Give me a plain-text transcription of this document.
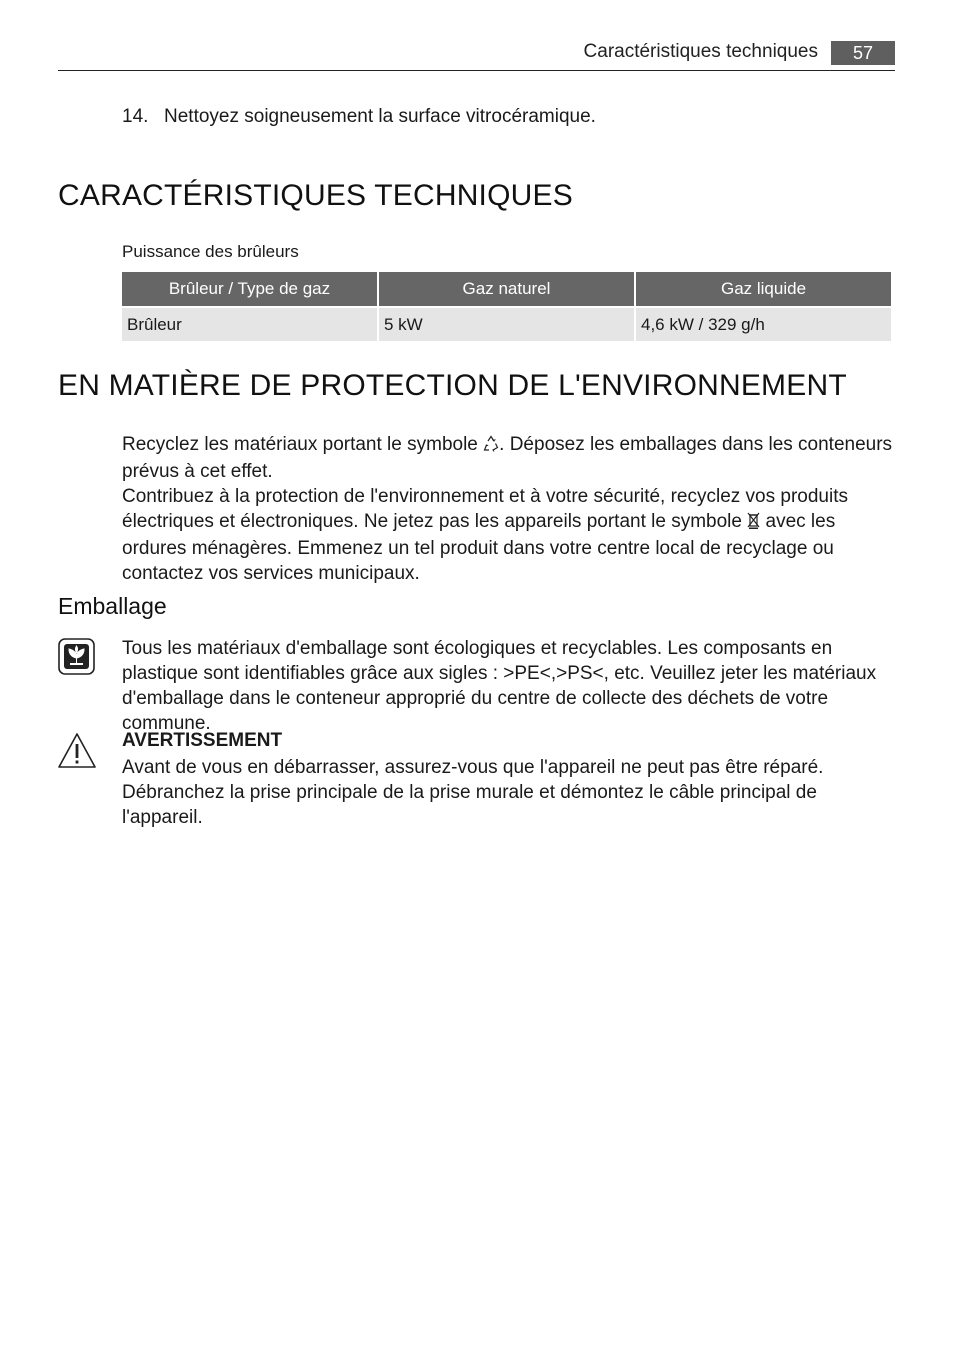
Caractéristiques techniques	57
14. Nettoyez soigneusement la surface vitrocéramique.
CARACTÉRISTIQUES TECHNIQUES
Puissance des brûleurs
Brûleur / Type de gaz	Gaz naturel	Gaz liquide
Brûleur	5 kW	4,6 kW / 329 g/h
EN MATIÈRE DE PROTECTION DE L'ENVIRONNEMENT

Recyclez les matériaux portant le symbole . Déposez les emballages dans les conteneurs prévus à cet effet.

Contribuez à la protection de l'environnement et à votre sécurité, recyclez vos produits électriques et électroniques. Ne jetez pas les appareils portant le symbole  avec les ordures ménagères. Emmenez un tel produit dans votre centre local de recyclage ou contactez vos services municipaux.

Emballage

Tous les matériaux d'emballage sont écologiques et recyclables. Les composants en plastique sont identifiables grâce aux sigles : >PE<,>PS<, etc. Veuillez jeter les matériaux d'emballage dans le conteneur approprié du centre de collecte des déchets de votre commune.

AVERTISSEMENT

Avant de vous en débarrasser, assurez-vous que l'appareil ne peut pas être réparé. Débranchez la prise principale de la prise murale et démontez le câble principal de l'appareil.
